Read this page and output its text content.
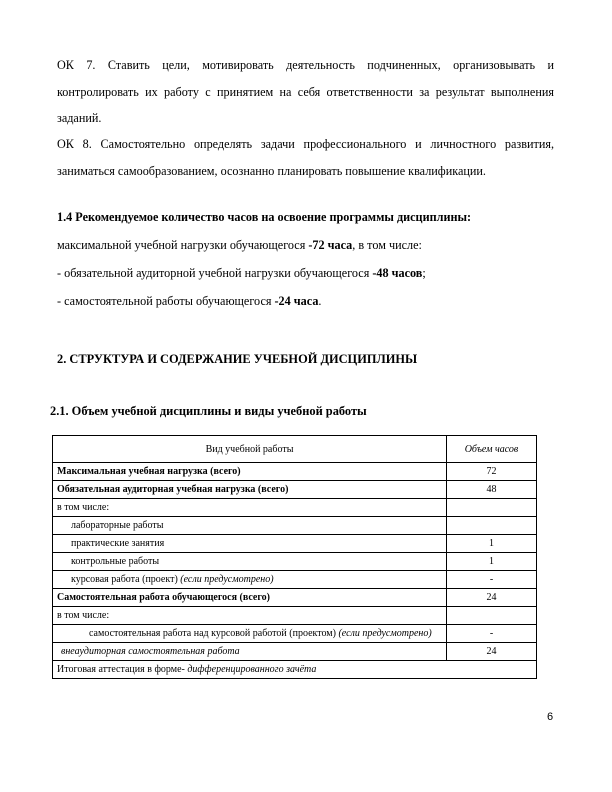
ОК 7. Ставить цели, мотивировать деятельность подчиненных, организовывать и контролировать их работу с принятием на себя ответственности за результат выполнения заданий.

ОК 8. Самостоятельно определять задачи профессионального и личностного развития, заниматься самообразованием, осознанно планировать повышение квалификации.

1.4 Рекомендуемое количество часов на освоение программы дисциплины:

максимальной учебной нагрузки обучающегося -72 часа, в том числе:

- обязательной аудиторной учебной нагрузки обучающегося -48 часов;

- самостоятельной работы обучающегося -24 часа.

2. СТРУКТУРА И СОДЕРЖАНИЕ УЧЕБНОЙ ДИСЦИПЛИНЫ

2.1. Объем учебной дисциплины и виды учебной работы

Вид учебной работы	Объем часов
Максимальная учебная нагрузка (всего)	72
Обязательная аудиторная учебная нагрузка (всего)	48
в том числе:	
лабораторные работы	
практические занятия	1
контрольные работы	1
курсовая работа (проект) (если предусмотрено)	-
Самостоятельная работа обучающегося (всего)	24
в том числе:	
самостоятельная работа над курсовой работой (проектом) (если предусмотрено)	-
внеаудиторная самостоятельная работа	24
Итоговая аттестация в форме- дифференцированного зачёта	
6
